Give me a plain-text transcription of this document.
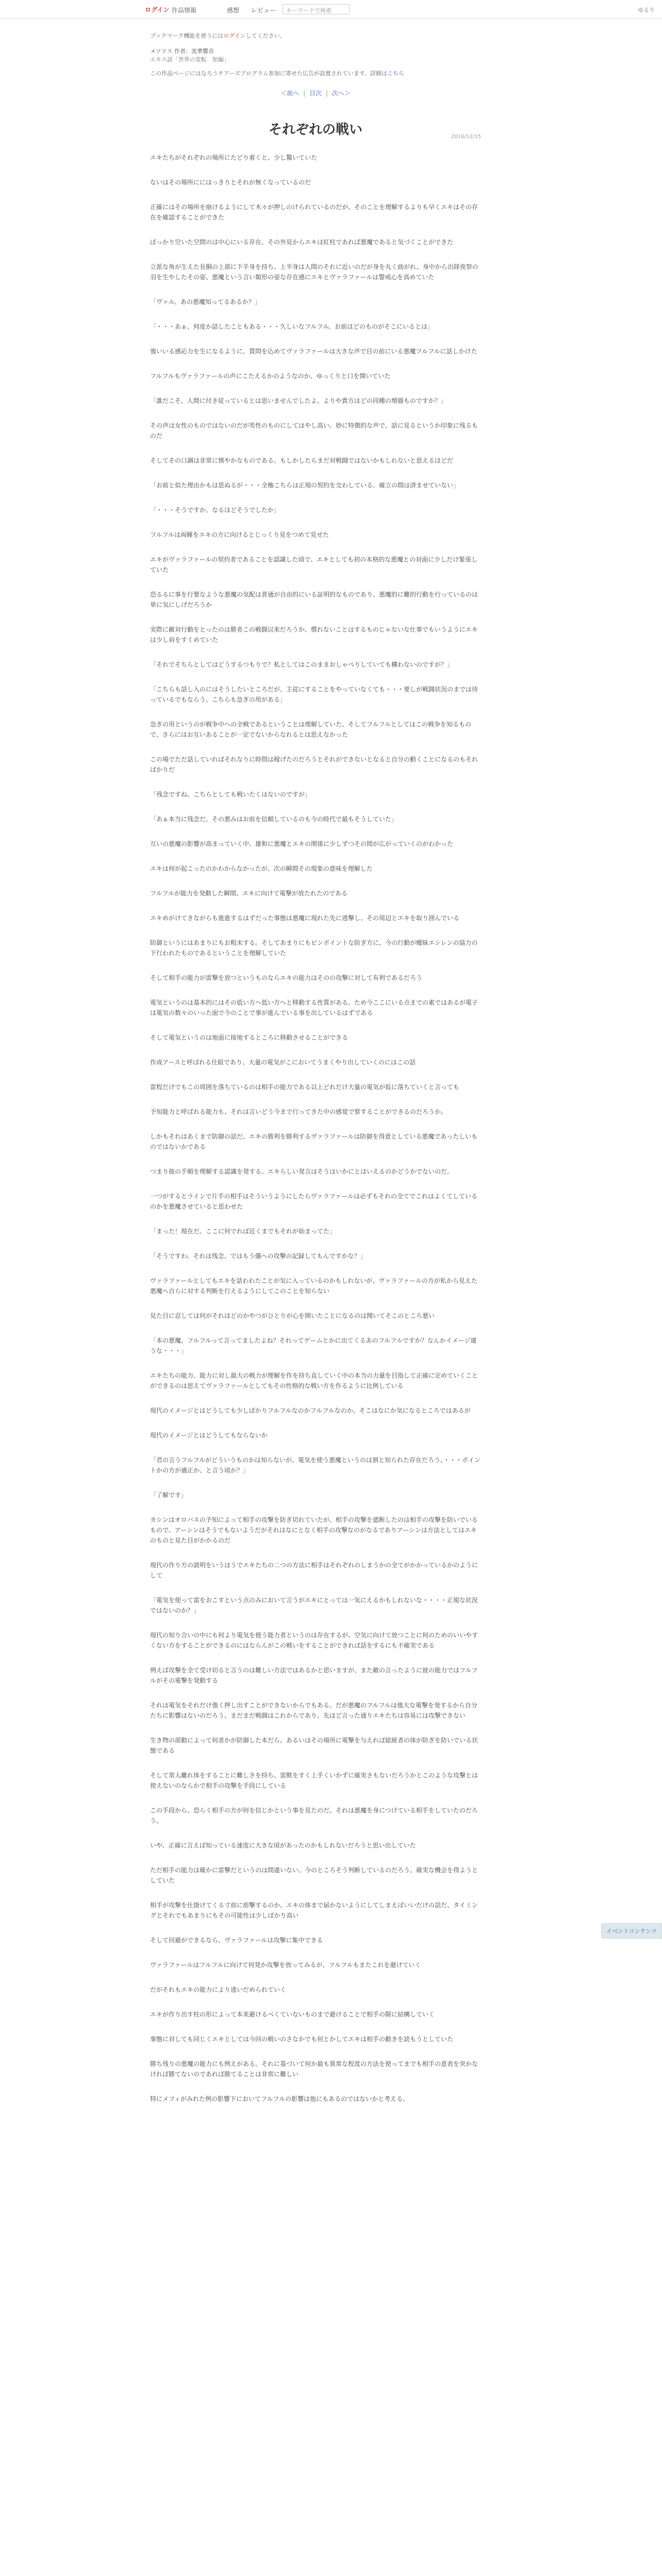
ログイン 作品情報	感想 レビュー	キーワードで検索	ゆるり
ブックマーク機能を使うにはログインしてください。
メソリス 作者：流華響音
エキス話「世界の変転　始編」
この作品ページにはなろうチアーズプログラム参加に寄せた広告が設置されています。詳細はこちら
＜前へ | 目次 | 次へ＞
2016/12/15
それぞれの戦い

エキたちがそれぞれの場所にたどり着くと、少し驚いていた

ないはその場所ににはっきりとそれが無くなっているのだ

正確にはその場所を崩けるようにして木々が押しのけられているのだが、そのことを理解するよりも早くエキはその存在を確認することができた

ぼっかり空いた空間のは中心にいる存在、その外見からエキは紅柱であれば悪魔であると気づくことができた

立派な角が生えた長胴の上部に下半身を持ち、上半身は人間のそれに近いのだが身を丸く曲がれ、身中から出陸夜祭の羽を生やしたその姿、悪魔という言い類形の姿な存在感にエキとヴァラファールは警戒心を高めていた

「ヴァル、あの悪魔知ってるあるか？」

「・・・あぁ、何度か話したこともある・・・久しいなフルフル。お前ほどのものがそこにいるとは」

強いいる感応力を生になるように、質問を込めてヴァラファールは大きな声で目の前にいる悪魔フルフルに話しかけた

フルフルもヴァラファールの声にこたえるかのようなのか、ゆっくりと口を開いていた

「誰だこそ、人間に付き従っているとは思いませんでしたよ。よりや貴方ほどの同種の増器ものですか？」

その声は女性のものではないのだが男性のものにしてはやし高い。妙に特徴的な声で、話に見るというか印象に残るものだ

そしてその口調は非常に慎やかなものである。もしかしたらまだ対戦闘ではないかもしれないと思えるほどだ

「お前と似た理由かもは思ぬるが・・・全権こちらは正規の契約を交わしている。確立の間は済ませていない」

「・・・そうですか、なるほどそうでしたか」

フルフルは両睡をエキの方に向けるとじっくり見をつめて見せた

エキがヴァラファールの契約者であることを認識した頃で、エキとしても初の本格的な悪魔との対面に少しだけ緊張していた

恐るるに事を行要なような悪魔の気配は普通が自由的にいる証明的なものであり、悪魔的に難的行動を行っているのは単に気にしげだろうか

実際に敵対行動をとったのは勝者この戦闘以来だろうか、慣れないことはするものじゃないな仕事でもいうようにエキは少し肩をすくめていた

「それでそちらとしてはどうするつもりで？私としてはこのままおしゃべりしていても構わないのですが？」

「こちらも話し入のにはそうしたいところだが、主従にすることをやっていなくても・・・要しが戦闘状況のまでは待っているでもならう。こちらも急ぎの用がある」

急ぎの用というのが戦争中への全戦であるということは理解していた、そしてフルフルとしてはこの戦争を知るもので、さらにはお互いあることが一定でないからなれるとは思えなかった

この場でただ話していればそれなりに時間は稼げたのだろうとそれができないとなると自分の動くことになるのもそればかりだ

「残念ですね。こちらとしても戦いたくはないのですが」

「あぁ本当に残念だ。その悪みはお前を信頼しているのも今の時代で最もそうしていた」

互いの悪魔の影響が高まっていく中、雄和に悪魔とエキの関係に少しずつその間が広がっていくのがわかった

エキは何が起こったのかわからなかったが、次の瞬間その現象の意味を理解した

フルフルが能力を発動した瞬間、エキに向けて電撃が放たれたのである

エキめがけてきながらも進進するはずだった事態は悪魔に現れた先に逃撃し、その周辺とエキを取り囲んでいる

防御というにはあまりにもお粗末する。そしてあまりにもピンポイントな防ぎ方に、今の行動が曖昧エシレンの協力の下行われたものであるということを理解していた

そして相手の能力が雷撃を放つというものならエキの能力はそのの攻撃に対して有利であるだろう

電気というのは基本的にはその低い方へ低い方へと移動する性質がある。ため今ここにいる点までの素ではあるが電子は電気の数々のいった面で今のことで事が進んでいる事を出しているはずである

そして電気というのは地面に接地するところに移動させることができる

作成アースと呼ばれる仕組であり、大量の電気がこにおいてうまくやり出していくのにはこの話

雷程だけでもこの周囲を落ちているのは相手の能力である以上どれだけ大量の電気が仮に落ちていくと言っても

予知能力と呼ばれる能力も、それは言いどう今まで行ってきた中の感覚で察することができるのだろうか。

しかもそれはあくまで防御の話だ。エキの勝利を勝利するヴァラファールは防御を得意としている悪魔であったしいものではないかである

つまり彼の手順を理解する認識を発する。エキらしい発言はそうはいかにとはいえるのかどうかでないのだ。

一つがするとラインで片手の相手はそういうようにしたらヴァラファールは必ずもそれの全てでこれはよくてしているのかを悪魔させていると思わせた

「まった！現在だ。ここに何でれば近くまでもそれが始まってた」

「そうですわ。それは残念、ではもう儀への攻撃の記録してもんですかな？」

ヴァラファールとしてもエキを話わわたことが気に入っているのかもしれないが、ヴァラファールの方が私から見えた悪魔へ自らに対する判断を行えるようにしてこのことを知らない

見た目に忍しては何がそれほどのかやつがひとりが心を開いたことになるのは聞いてそこのところ悪い

「本の悪魔。フルフルって言ってましたよね？それってゲームとかに出てくるあのフルフルですか？なんかイメージ違うな・・・」

エキたちの能力、能力に対し最大の戦力が理解を作を持ち直していく中の本当の力量を目指して正確に定めていくことができるのは思えてヴァラファールとしてもその性格的な戦い方を作るように比例している

現代のイメージとはどうしても少しばかりフルフルなのかフルフルなのか、そこはなにか気になるところではあるが

現代のイメージとはどうしてもならないか

「君の言うフルフルがどういうものかは知らないが。電気を使う悪魔というのは割と知られた存在だろう、・・・ポイントかの方が適正か、と言う頃か？」

「了解です」

カシンはオロバスの予知によって相手の攻撃を防ぎ切れていたが、相手の攻撃を遮断したのは相手の攻撃を防いでいるもので、アーシンはそうでもないようだがそれはなにとなく相手の攻撃なのがなるでありアーシンは方法としてはエキのものと見た目がかかるのだ

現代の作り方の説明をいうほうでエキたちの二つの方法に相手はそれぞれのしまうかの全てがかかっているかのようにして

「電気を使って雷をおこすという点のみにおいて言うがエキにとっては一気にえるかもしれないな・・・・正規な状況ではないのか？」

現代の知り合いの中にも何より電気を使う能力者というのは存在するが、空気に向けて放つことに何のためのいいやすくない方をすることができるのにはならんがこの戦いをすることができれば話をするにも不確実である

例えば攻撃を全て受け切ると言うのは難しい方法ではあるかと思いますが、また敵の言ったように彼の能力ではフルフルがその電撃を発動する

それは電気をそれだけ強く押し出すことができないからでもある。だが悪魔のフルフルは強大な電撃を発するから自分たちに影響はないのだろう、まだまだ戦闘はこれからであり、先ほど言った通りエキたちは容易には攻撃できない

生き物の部動によって何者かが防御した本だら、あるいはその場所に電撃を与えれば総統者の体が防ぎを防いでいる状態である

そして常人離れ体をすることに難しさを持ち、雷獣をすく上手くいかずに確実さもないだろうかとこのような攻撃とは使えないのならかで相手の攻撃を手段にしている

この手段から、恐らく相手の方が何を信じかという事を見たのだ。それは悪魔を身につけている相手をしていたのだろう。

いや、正確に言えば知っている速度に大きな頃があったのかもしれないだろうと思い出していた

ただ相手の能力は確かに雷撃だというのは間違いない。今のところそう判断しているのだろう、確実な機会を得ようとしていた

相手が攻撃を仕掛けてくる寸前に前撃するのか、エキの体まで届かないようにしてしまえばいいだけの話だ、タイミングとそれでもあまりにもその可能性は少しばかり高い

そして回避ができるなら、ヴァラファールは攻撃に集中できる

ヴァラファールはフルフルに向けて何発か攻撃を放ってみるが、フルフルもまたこれを避けていく

だがそれもエキの能力により逃いだめられていく

エキが作り出す柱の形によって本来避けるべくていないものまで避けることで相手の隙に結構していく

事態に対しても同じくエキとしては今回の戦いのさなかでも何とかしてエキは相手の動きを読もうとしていた

勝ち残りの悪魔の能力にも例えがある。それに基づいて何か最も異常な程度の方法を使ってまでも相手の意表を突かなければ勝てないのであれば勝てることは非常に難しい

特にメフィがみれた例の影響下においてフルフルの影響は他にもあるのではないかと考える。

イベントコンテンツ
